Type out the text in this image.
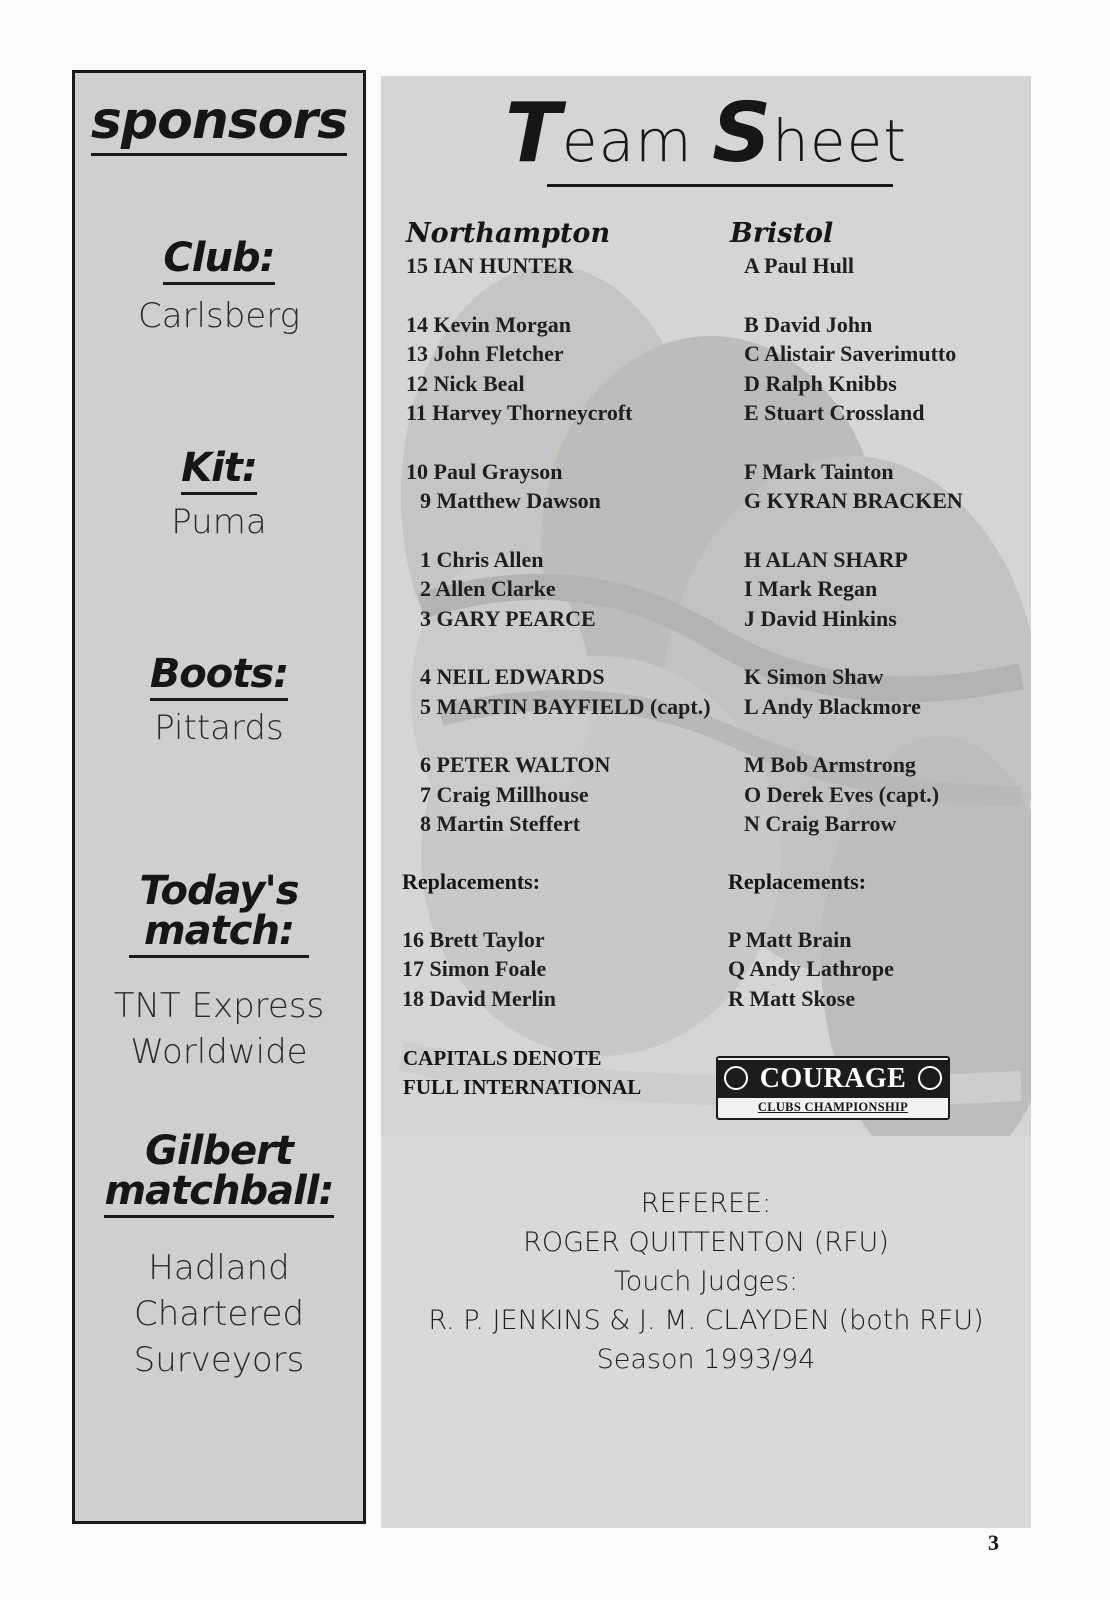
sponsors
Club:
Carlsberg
Kit:
Puma
Boots:
Pittards
Today's match:
TNT Express
Worldwide
Gilbert matchball:
Hadland
Chartered
Surveyors
Team Sheet
Northampton
15 IAN HUNTER
14 Kevin Morgan
13 John Fletcher
12 Nick Beal
11 Harvey Thorneycroft
10 Paul Grayson
9 Matthew Dawson
1 Chris Allen
2 Allen Clarke
3 GARY PEARCE
4 NEIL EDWARDS
5 MARTIN BAYFIELD (capt.)
6 PETER WALTON
7 Craig Millhouse
8 Martin Steffert
Replacements:
16 Brett Taylor
17 Simon Foale
18 David Merlin
Bristol
A Paul Hull
B David John
C Alistair Saverimutto
D Ralph Knibbs
E Stuart Crossland
F Mark Tainton
G KYRAN BRACKEN
H ALAN SHARP
I Mark Regan
J David Hinkins
K Simon Shaw
L Andy Blackmore
M Bob Armstrong
O Derek Eves (capt.)
N Craig Barrow
Replacements:
P Matt Brain
Q Andy Lathrope
R Matt Skose
CAPITALS DENOTE
FULL INTERNATIONAL	COURAGE
CLUBS CHAMPIONSHIP
REFEREE:
ROGER QUITTENTON (RFU)
Touch Judges:
R. P. JENKINS & J. M. CLAYDEN (both RFU)
Season 1993/94
3
